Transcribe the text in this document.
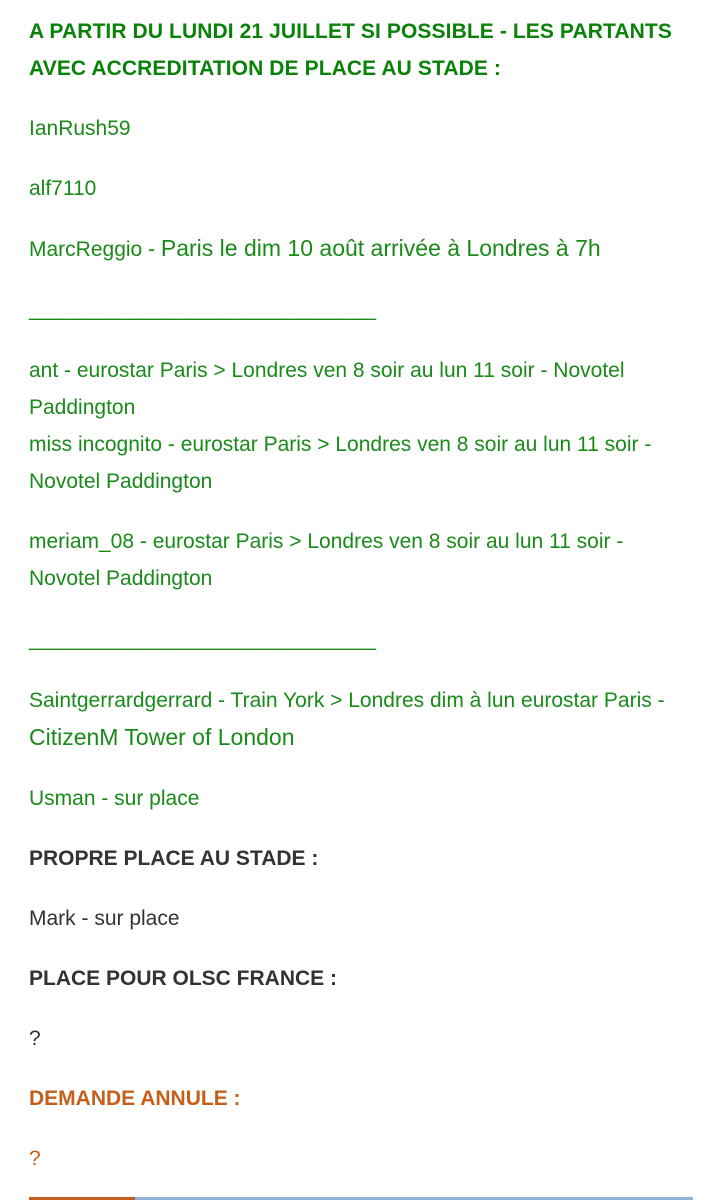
A PARTIR DU LUNDI 21 JUILLET SI POSSIBLE - LES PARTANTS AVEC ACCREDITATION DE PLACE AU STADE :

IanRush59

alf7110

MarcReggio - Paris le dim 10 août arrivée à Londres à 7h

_______________________________

ant - eurostar Paris > Londres ven 8 soir au lun 11 soir - Novotel Paddington

miss incognito - eurostar Paris > Londres ven 8 soir au lun 11 soir - Novotel Paddington

meriam_08 - eurostar Paris > Londres ven 8 soir au lun 11 soir - Novotel Paddington

_______________________________

Saintgerrardgerrard - Train York > Londres dim à lun eurostar Paris - CitizenM Tower of London

Usman - sur place

PROPRE PLACE AU STADE :

Mark - sur place

PLACE POUR OLSC FRANCE :

?

DEMANDE ANNULE :

?
